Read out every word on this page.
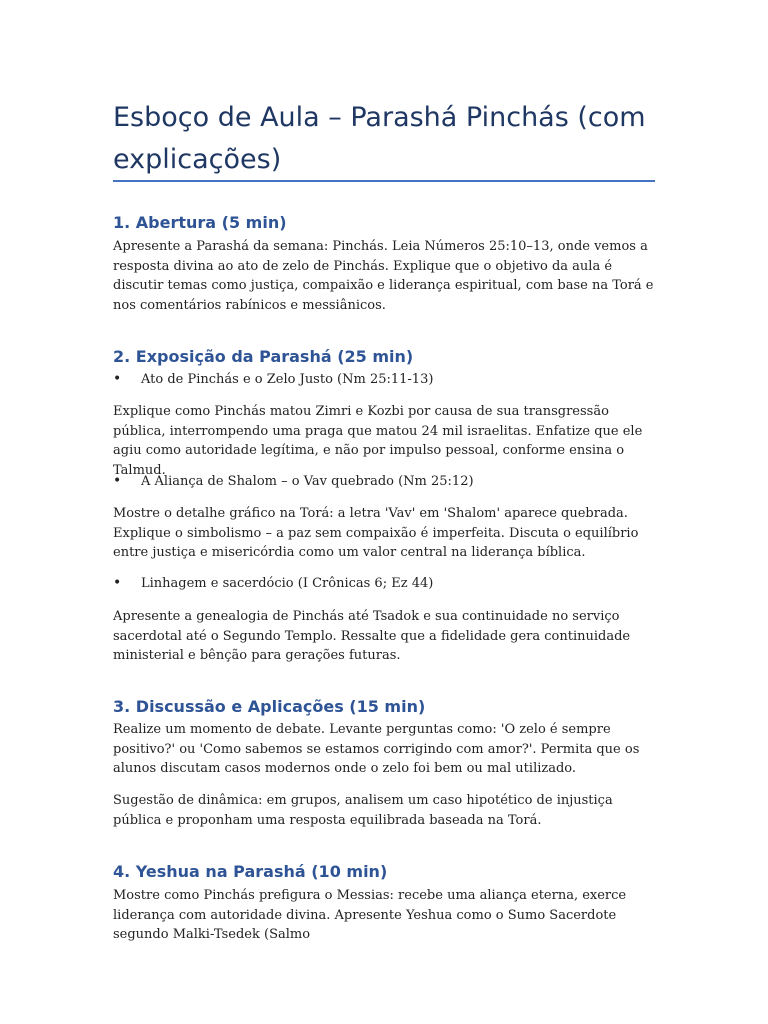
Esboço de Aula – Parashá Pinchás (com explicações)
1. Abertura (5 min)

Apresente a Parashá da semana: Pinchás. Leia Números 25:10–13, onde vemos a resposta divina ao ato de zelo de Pinchás. Explique que o objetivo da aula é discutir temas como justiça, compaixão e liderança espiritual, com base na Torá e nos comentários rabínicos e messiânicos.

2. Exposição da Parashá (25 min)
• Ato de Pinchás e o Zelo Justo (Nm 25:11-13)

Explique como Pinchás matou Zimri e Kozbi por causa de sua transgressão pública, interrompendo uma praga que matou 24 mil israelitas. Enfatize que ele agiu como autoridade legítima, e não por impulso pessoal, conforme ensina o Talmud.

• A Aliança de Shalom – o Vav quebrado (Nm 25:12)

Mostre o detalhe gráfico na Torá: a letra 'Vav' em 'Shalom' aparece quebrada. Explique o simbolismo – a paz sem compaixão é imperfeita. Discuta o equilíbrio entre justiça e misericórdia como um valor central na liderança bíblica.

• Linhagem e sacerdócio (I Crônicas 6; Ez 44)

Apresente a genealogia de Pinchás até Tsadok e sua continuidade no serviço sacerdotal até o Segundo Templo. Ressalte que a fidelidade gera continuidade ministerial e bênção para gerações futuras.

3. Discussão e Aplicações (15 min)

Realize um momento de debate. Levante perguntas como: 'O zelo é sempre positivo?' ou 'Como sabemos se estamos corrigindo com amor?'. Permita que os alunos discutam casos modernos onde o zelo foi bem ou mal utilizado.

Sugestão de dinâmica: em grupos, analisem um caso hipotético de injustiça pública e proponham uma resposta equilibrada baseada na Torá.

4. Yeshua na Parashá (10 min)

Mostre como Pinchás prefigura o Messias: recebe uma aliança eterna, exerce liderança com autoridade divina. Apresente Yeshua como o Sumo Sacerdote segundo Malki-Tsedek (Salmo
